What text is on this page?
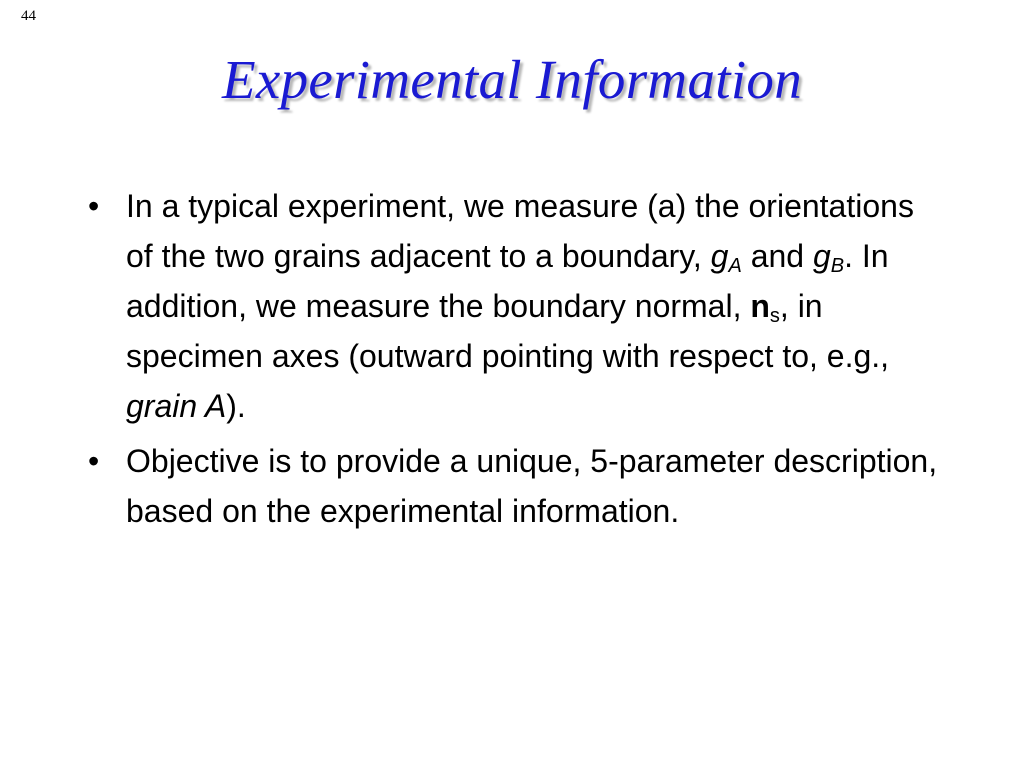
44
Experimental Information
• In a typical experiment, we measure (a) the orientations of the two grains adjacent to a boundary, $g_A$ and $g_B$. In addition, we measure the boundary normal, $n_s$, in specimen axes (outward pointing with respect to, e.g., grain A).
• Objective is to provide a unique, 5-parameter description, based on the experimental information.
